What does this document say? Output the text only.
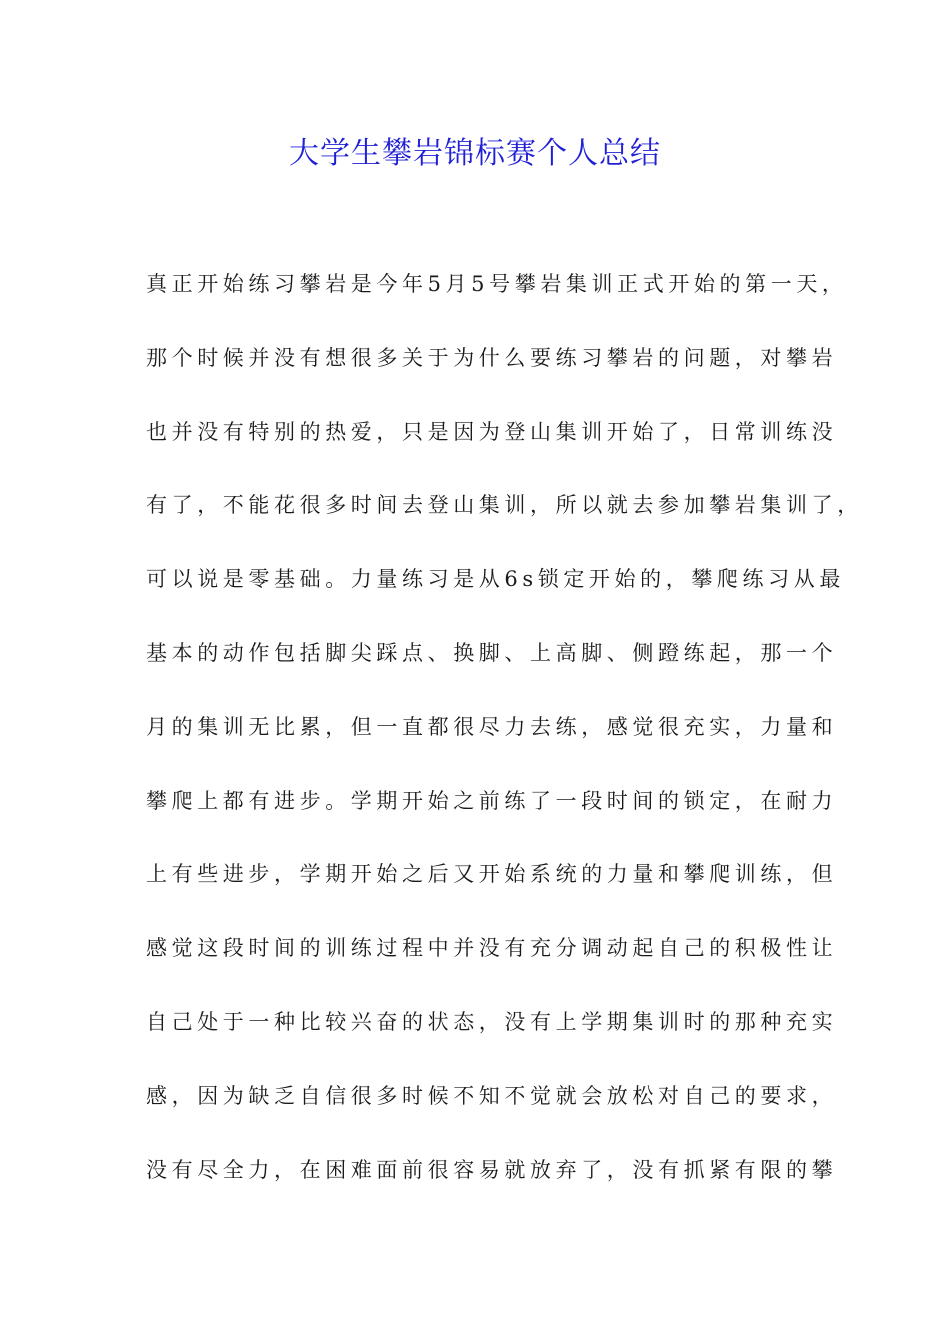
大学生攀岩锦标赛个人总结
真正开始练习攀岩是今年5月5号攀岩集训正式开始的第一天，
那个时候并没有想很多关于为什么要练习攀岩的问题，对攀岩
也并没有特别的热爱，只是因为登山集训开始了，日常训练没
有了，不能花很多时间去登山集训，所以就去参加攀岩集训了，
可以说是零基础。力量练习是从6s锁定开始的，攀爬练习从最
基本的动作包括脚尖踩点、换脚、上高脚、侧蹬练起，那一个
月的集训无比累，但一直都很尽力去练，感觉很充实，力量和
攀爬上都有进步。学期开始之前练了一段时间的锁定，在耐力
上有些进步，学期开始之后又开始系统的力量和攀爬训练，但
感觉这段时间的训练过程中并没有充分调动起自己的积极性让
自己处于一种比较兴奋的状态，没有上学期集训时的那种充实
感，因为缺乏自信很多时候不知不觉就会放松对自己的要求，
没有尽全力，在困难面前很容易就放弃了，没有抓紧有限的攀
